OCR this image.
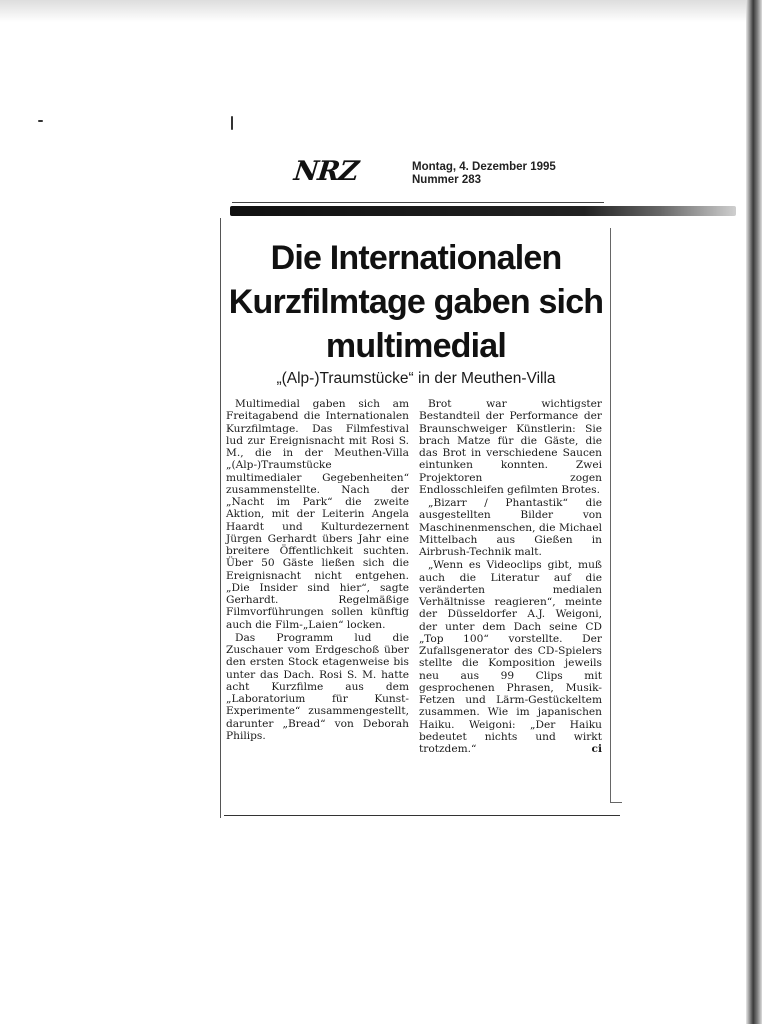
NRZ	Montag, 4. Dezember 1995
Nummer 283
Die Internationalen Kurzfilmtage gaben sich multimedial
„(Alp-)Traumstücke“ in der Meuthen-Villa

Multimedial gaben sich am Freitagabend die Internationalen Kurzfilmtage. Das Filmfestival lud zur Ereignisnacht mit Rosi S. M., die in der Meuthen-Villa „(Alp-)Traumstücke multimedialer Gegebenheiten“ zusammenstellte. Nach der „Nacht im Park“ die zweite Aktion, mit der Leiterin Angela Haardt und Kulturdezernent Jürgen Gerhardt übers Jahr eine breitere Öffentlichkeit suchten. Über 50 Gäste ließen sich die Ereignisnacht nicht entgehen. „Die Insider sind hier“, sagte Gerhardt. Regelmäßige Filmvorführungen sollen künftig auch die Film-„Laien“ locken.

Das Programm lud die Zuschauer vom Erdgeschoß über den ersten Stock etagenweise bis unter das Dach. Rosi S. M. hatte acht Kurzfilme aus dem „Laboratorium für Kunst-Experimente“ zusammengestellt, darunter „Bread“ von Deborah Philips.

Brot war wichtigster Bestandteil der Performance der Braunschweiger Künstlerin: Sie brach Matze für die Gäste, die das Brot in verschiedene Saucen eintunken konnten. Zwei Projektoren zogen Endlosschleifen gefilmten Brotes.

„Bizarr / Phantastik“ die ausgestellten Bilder von Maschinenmenschen, die Michael Mittelbach aus Gießen in Airbrush-Technik malt.

„Wenn es Videoclips gibt, muß auch die Literatur auf die veränderten medialen Verhältnisse reagieren“, meinte der Düsseldorfer A.J. Weigoni, der unter dem Dach seine CD „Top 100“ vorstellte. Der Zufallsgenerator des CD-Spielers stellte die Komposition jeweils neu aus 99 Clips mit gesprochenen Phrasen, Musik-Fetzen und Lärm-Gestückeltem zusammen. Wie im japanischen Haiku. Weigoni: „Der Haiku bedeutet nichts und wirkt trotzdem.“	ci
